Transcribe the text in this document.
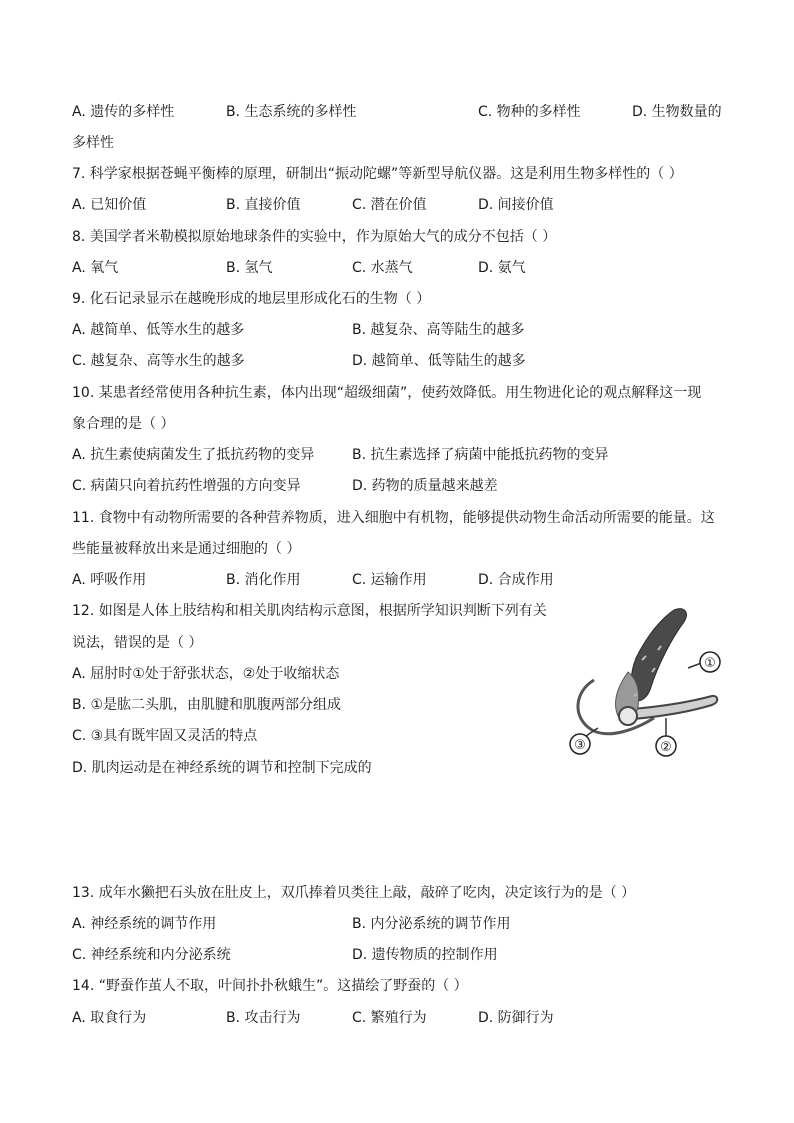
A. 遗传的多样性	B. 生态系统的多样性	C. 物种的多样性	D. 生物数量的
多样性
7. 科学家根据苍蝇平衡棒的原理，研制出“振动陀螺”等新型导航仪器。这是利用生物多样性的（ ）
A. 已知价值	B. 直接价值	C. 潜在价值	D. 间接价值
8. 美国学者米勒模拟原始地球条件的实验中，作为原始大气的成分不包括（ ）
A. 氧气	B. 氢气	C. 水蒸气	D. 氨气
9. 化石记录显示在越晚形成的地层里形成化石的生物（ ）
A. 越简单、低等水生的越多	B. 越复杂、高等陆生的越多
C. 越复杂、高等水生的越多	D. 越简单、低等陆生的越多
10. 某患者经常使用各种抗生素，体内出现“超级细菌”，使药效降低。用生物进化论的观点解释这一现
象合理的是（ ）
A. 抗生素使病菌发生了抵抗药物的变异	B. 抗生素选择了病菌中能抵抗药物的变异
C. 病菌只向着抗药性增强的方向变异	D. 药物的质量越来越差
11. 食物中有动物所需要的各种营养物质，进入细胞中有机物，能够提供动物生命活动所需要的能量。这
些能量被释放出来是通过细胞的（ ）
A. 呼吸作用	B. 消化作用	C. 运输作用	D. 合成作用
12. 如图是人体上肢结构和相关肌肉结构示意图，根据所学知识判断下列有关
说法，错误的是（ ）
A. 屈肘时①处于舒张状态，②处于收缩状态
B. ①是肱二头肌，由肌腱和肌腹两部分组成
C. ③具有既牢固又灵活的特点
D. 肌肉运动是在神经系统的调节和控制下完成的
①
②
③
13. 成年水獭把石头放在肚皮上，双爪捧着贝类往上敲，敲碎了吃肉，决定该行为的是（ ）
A. 神经系统的调节作用	B. 内分泌系统的调节作用
C. 神经系统和内分泌系统	D. 遗传物质的控制作用
14. “野蚕作茧人不取，叶间扑扑秋蛾生”。这描绘了野蚕的（ ）
A. 取食行为	B. 攻击行为	C. 繁殖行为	D. 防御行为
